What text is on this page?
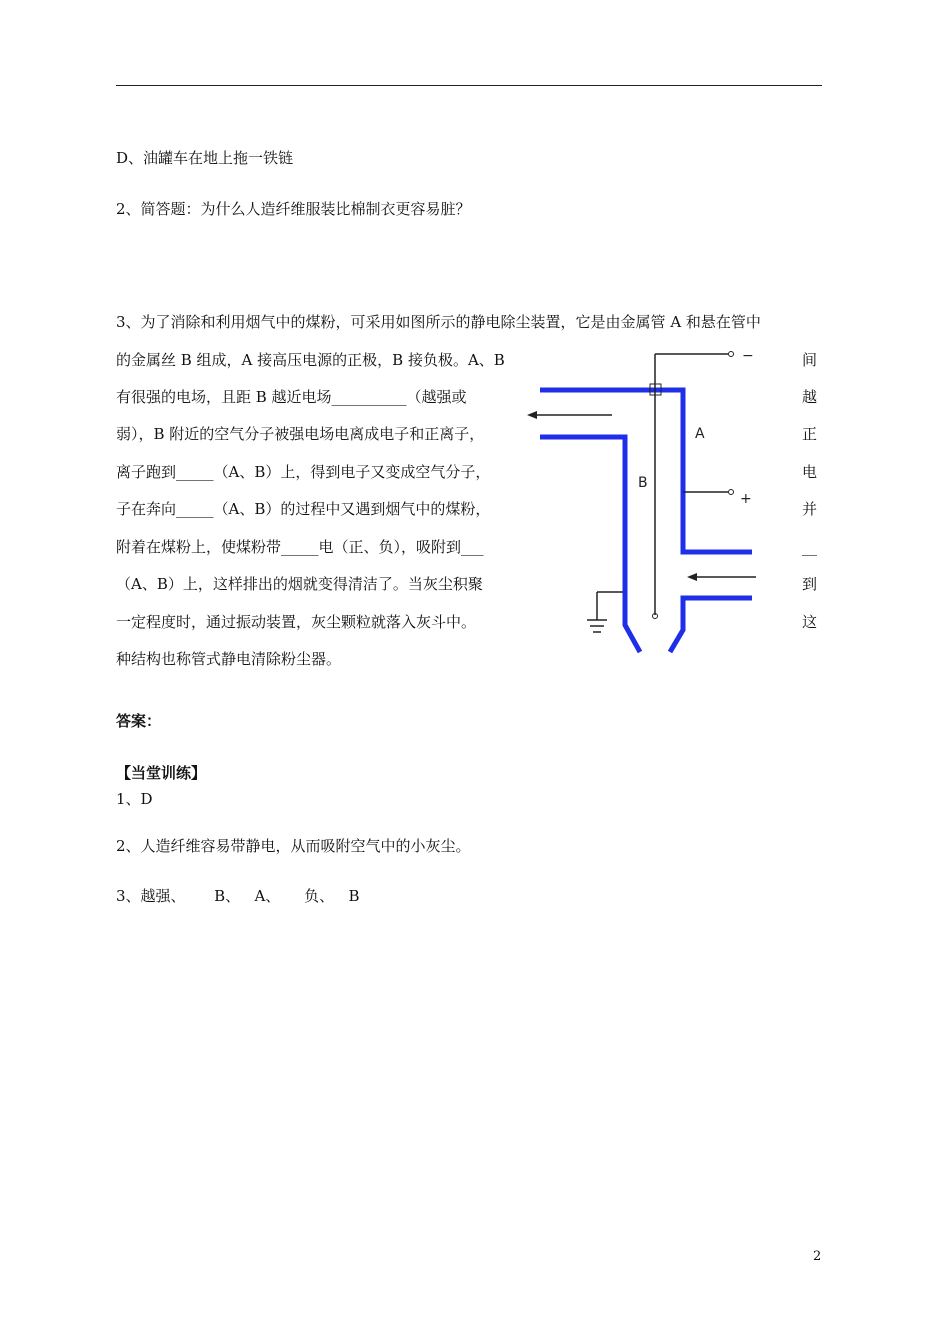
D、油罐车在地上拖一铁链
2、简答题：为什么人造纤维服装比棉制衣更容易脏？
3、为了消除和利用烟气中的煤粉，可采用如图所示的静电除尘装置，它是由金属管 A 和悬在管中
的金属丝 B 组成，A 接高压电源的正极，B 接负极。A、B
有很强的电场，且距 B 越近电场__________（越强或
弱），B 附近的空气分子被强电场电离成电子和正离子，
离子跑到_____（A、B）上，得到电子又变成空气分子，
子在奔向_____（A、B）的过程中又遇到烟气中的煤粉，
附着在煤粉上，使煤粉带_____电（正、负），吸附到___
（A、B）上，这样排出的烟就变得清洁了。当灰尘积聚
一定程度时，通过振动装置，灰尘颗粒就落入灰斗中。
种结构也称管式静电清除粉尘器。
间
越
正
电
并
__
到
这
A
B
−
+
答案：
【当堂训练】
1、D
2、人造纤维容易带静电，从而吸附空气中的小灰尘。
3、越强、      B、   A、     负、   B
2
